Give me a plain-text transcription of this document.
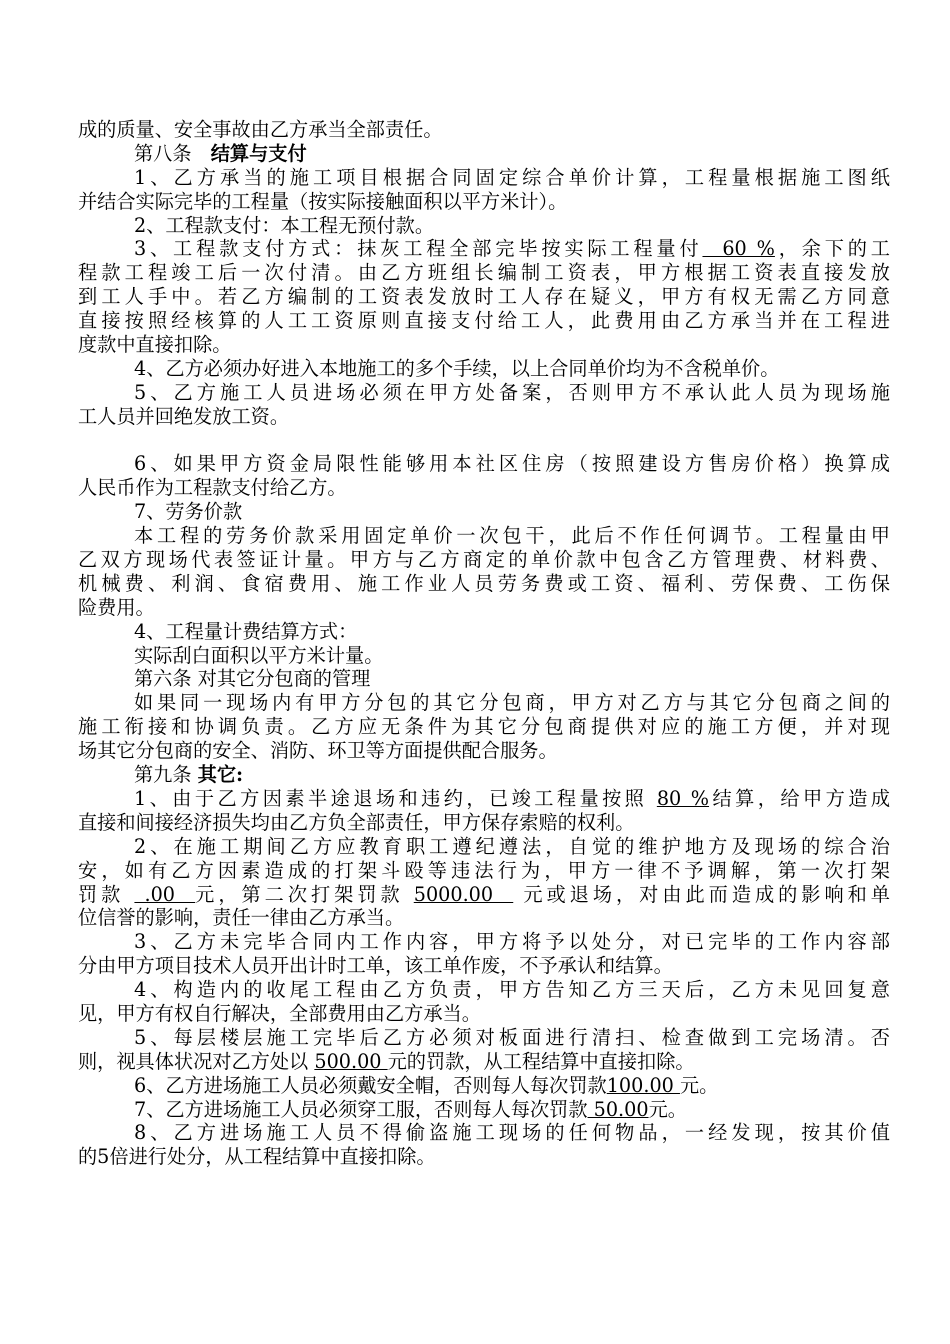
成的质量、安全事故由乙方承当全部责任。
第八条　结算与支付
1、乙方承当的施工项目根据合同固定综合单价计算，工程量根据施工图纸
并结合实际完毕的工程量（按实际接触面积以平方米计）。
2、工程款支付：本工程无预付款。
3、工程款支付方式：抹灰工程全部完毕按实际工程量付  60 %，余下的工
程款工程竣工后一次付清。由乙方班组长编制工资表，甲方根据工资表直接发放
到工人手中。若乙方编制的工资表发放时工人存在疑义，甲方有权无需乙方同意
直接按照经核算的人工工资原则直接支付给工人，此费用由乙方承当并在工程进
度款中直接扣除。
4、乙方必须办好进入本地施工的多个手续，以上合同单价均为不含税单价。
5、乙方施工人员进场必须在甲方处备案，否则甲方不承认此人员为现场施
工人员并回绝发放工资。
6、如果甲方资金局限性能够用本社区住房（按照建设方售房价格）换算成
人民币作为工程款支付给乙方。
7、劳务价款
本工程的劳务价款采用固定单价一次包干，此后不作任何调节。工程量由甲
乙双方现场代表签证计量。甲方与乙方商定的单价款中包含乙方管理费、材料费、
机械费、利润、食宿费用、施工作业人员劳务费或工资、福利、劳保费、工伤保
险费用。
4、工程量计费结算方式：
实际刮白面积以平方米计量。
第六条 对其它分包商的管理
如果同一现场内有甲方分包的其它分包商，甲方对乙方与其它分包商之间的
施工衔接和协调负责。乙方应无条件为其它分包商提供对应的施工方便，并对现
场其它分包商的安全、消防、环卫等方面提供配合服务。
第九条 其它:
1、由于乙方因素半途退场和违约，已竣工程量按照 80 %结算，给甲方造成
直接和间接经济损失均由乙方负全部责任，甲方保存索赔的权利。
2、在施工期间乙方应教育职工遵纪遵法，自觉的维护地方及现场的综合治
安，如有乙方因素造成的打架斗殴等违法行为，甲方一律不予调解，第一次打架
罚款  .00  元，第二次打架罚款 5000.00   元或退场，对由此而造成的影响和单
位信誉的影响，责任一律由乙方承当。
3、乙方未完毕合同内工作内容，甲方将予以处分，对已完毕的工作内容部
分由甲方项目技术人员开出计时工单，该工单作废，不予承认和结算。
4、构造内的收尾工程由乙方负责，甲方告知乙方三天后，乙方未见回复意
见，甲方有权自行解决，全部费用由乙方承当。
5、每层楼层施工完毕后乙方必须对板面进行清扫、检查做到工完场清。否
则，视具体状况对乙方处以 500.00 元的罚款，从工程结算中直接扣除。
6、乙方进场施工人员必须戴安全帽，否则每人每次罚款100.00 元。
7、乙方进场施工人员必须穿工服，否则每人每次罚款 50.00元。
8、乙方进场施工人员不得偷盗施工现场的任何物品，一经发现，按其价值
的5倍进行处分，从工程结算中直接扣除。
